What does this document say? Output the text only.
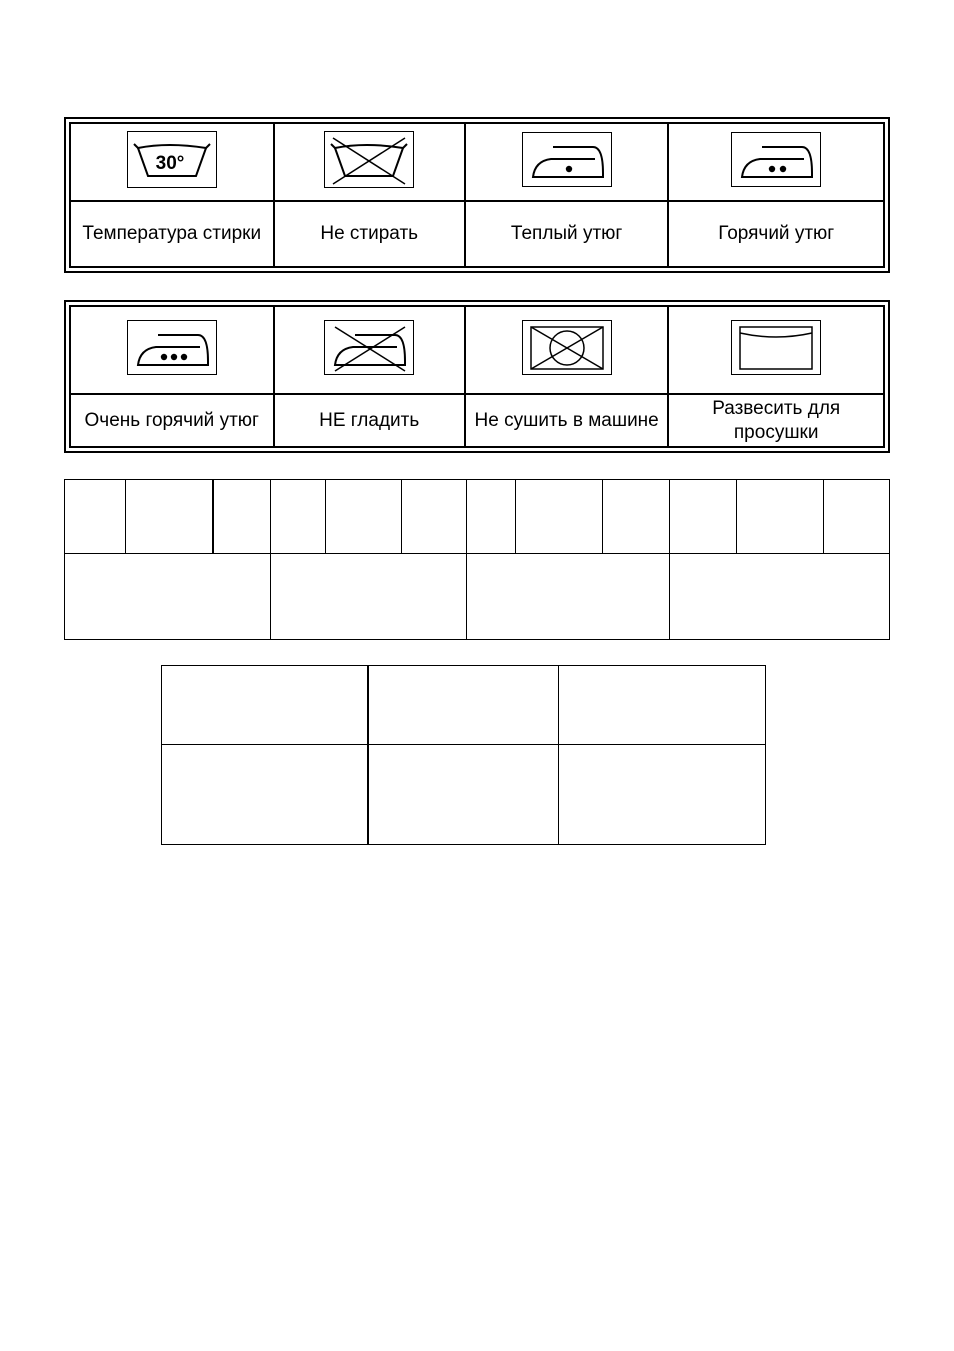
30°

Температура стирки	Не стирать	Теплый утюг	Горячий утюг

Очень горячий утюг	НЕ гладить	Не сушить в машине	Развесить для просушки
